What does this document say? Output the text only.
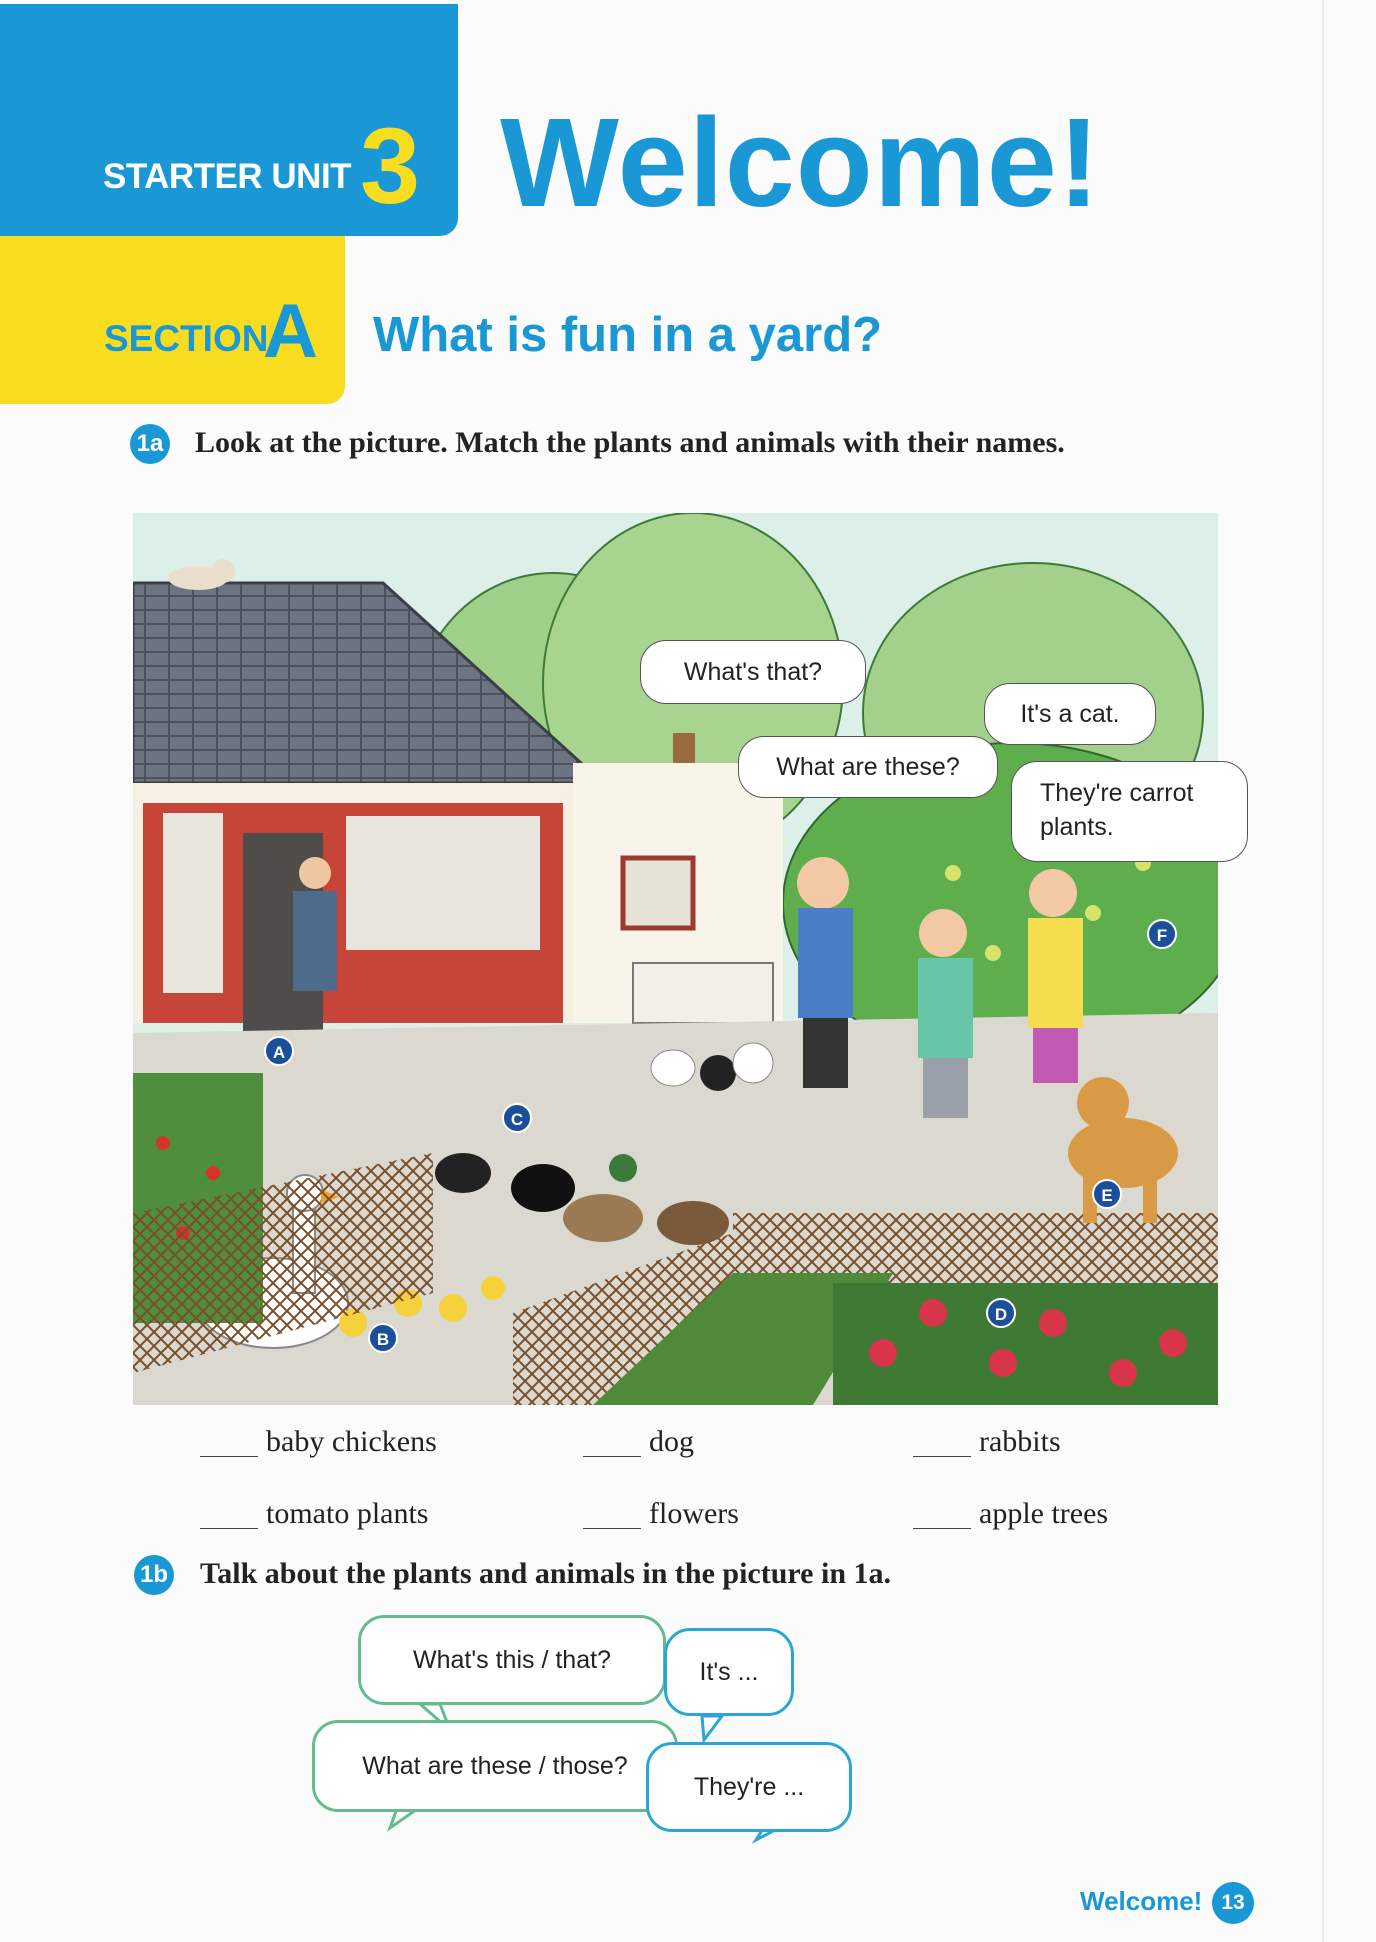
STARTER UNIT 3 Welcome!
SECTION
A What is fun in a yard?
1a Look at the picture. Match the plants and animals with their names.
A
B
C
D
E
F
What's that?
It's a cat.
What are these?
They're carrot plants.
baby chickens	dog	rabbits
tomato plants	flowers	apple trees
1b Talk about the plants and animals in the picture in 1a.
What's this / that?	It's ...
What are these / those?
They're ...
Welcome! 13
